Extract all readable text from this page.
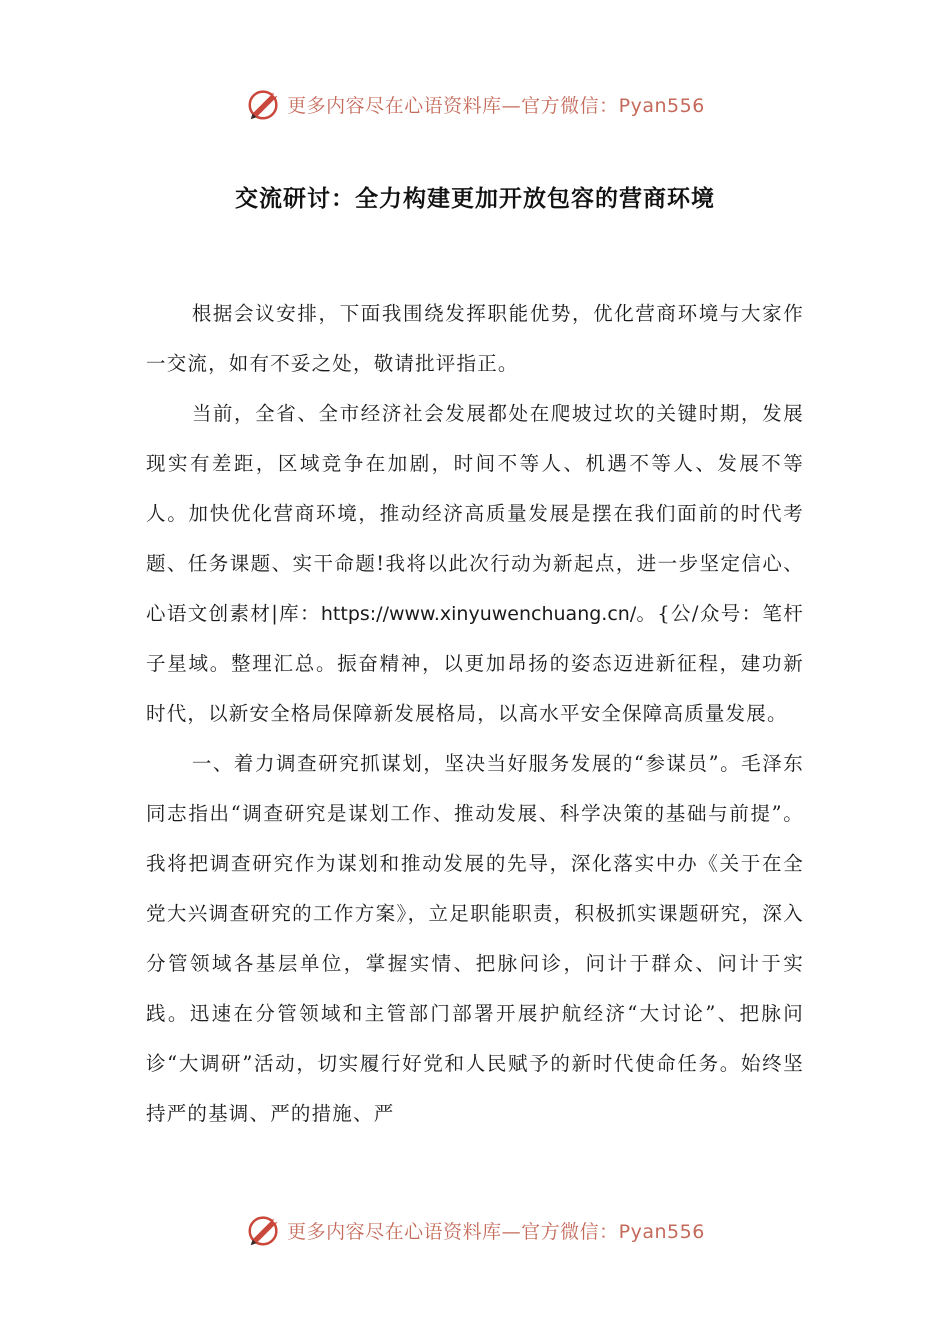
更多内容尽在心语资料库—官方微信：Pyan556
交流研讨：全力构建更加开放包容的营商环境

根据会议安排，下面我围绕发挥职能优势，优化营商环境与大家作一交流，如有不妥之处，敬请批评指正。

当前，全省、全市经济社会发展都处在爬坡过坎的关键时期，发展现实有差距，区域竞争在加剧，时间不等人、机遇不等人、发展不等人。加快优化营商环境，推动经济高质量发展是摆在我们面前的时代考题、任务课题、实干命题!我将以此次行动为新起点，进一步坚定信心、心语文创素材|库：https://www.xinyuwenchuang.cn/。{公/众号：笔杆子星域。整理汇总。振奋精神，以更加昂扬的姿态迈进新征程，建功新时代，以新安全格局保障新发展格局，以高水平安全保障高质量发展。

一、着力调查研究抓谋划，坚决当好服务发展的“参谋员”。毛泽东同志指出“调查研究是谋划工作、推动发展、科学决策的基础与前提”。我将把调查研究作为谋划和推动发展的先导，深化落实中办《关于在全党大兴调查研究的工作方案》，立足职能职责，积极抓实课题研究，深入分管领域各基层单位，掌握实情、把脉问诊，问计于群众、问计于实践。迅速在分管领域和主管部门部署开展护航经济“大讨论”、把脉问诊“大调研”活动，切实履行好党和人民赋予的新时代使命任务。始终坚持严的基调、严的措施、严

更多内容尽在心语资料库—官方微信：Pyan556
